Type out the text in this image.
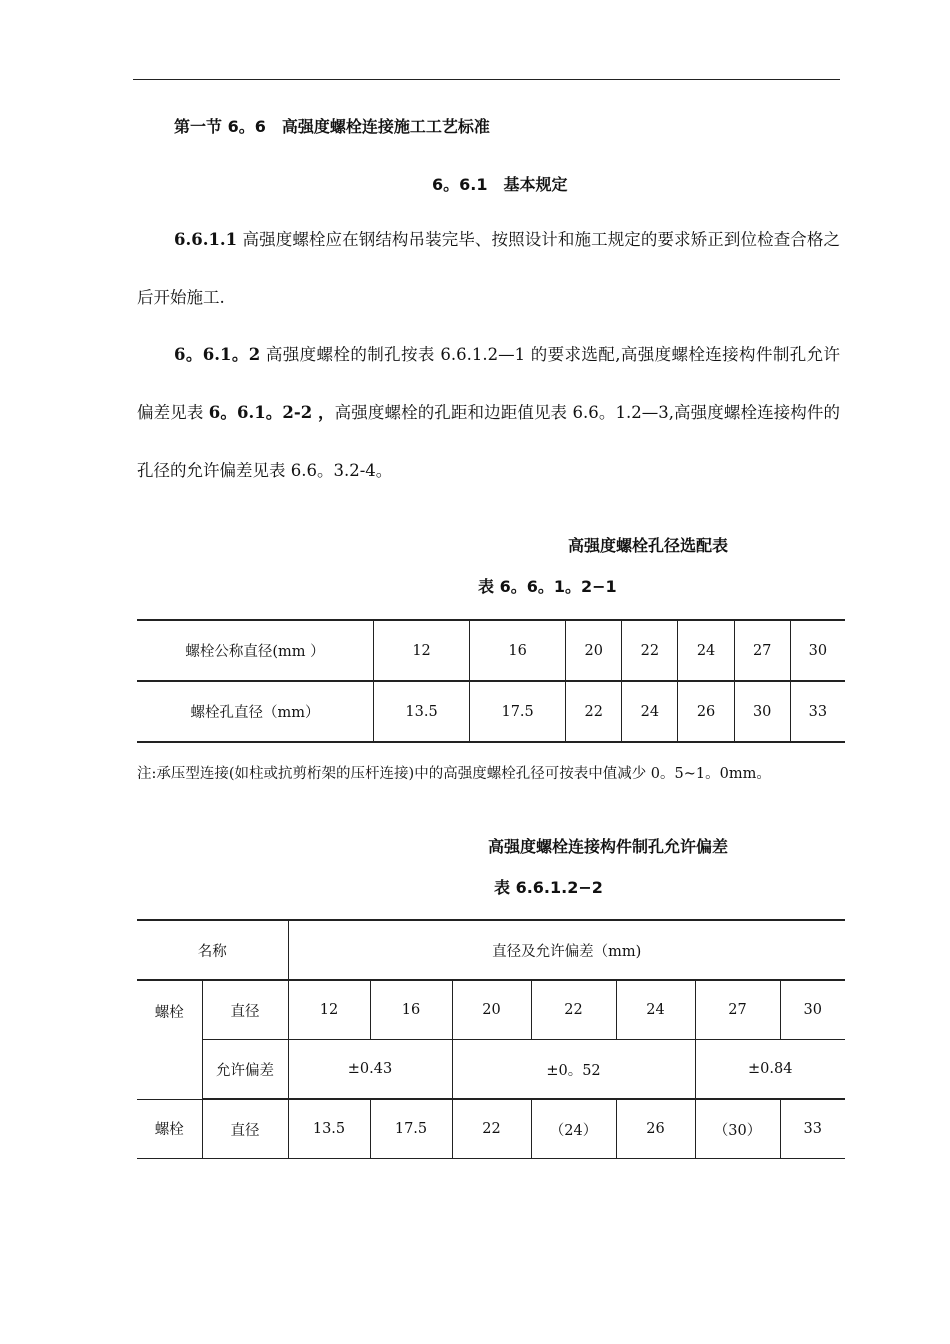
第一节 6。6　高强度螺栓连接施工工艺标准
6。6.1　基本规定
6.6.1.1 高强度螺栓应在钢结构吊装完毕、按照设计和施工规定的要求矫正到位检查合格之后开始施工.
6。6.1。2 高强度螺栓的制孔按表 6.6.1.2—1 的要求选配,高强度螺栓连接构件制孔允许偏差见表 6。6.1。2-2 ，高强度螺栓的孔距和边距值见表 6.6。1.2—3,高强度螺栓连接构件的孔径的允许偏差见表 6.6。3.2-4。
高强度螺栓孔径选配表
表 6。6。1。2−1
螺栓公称直径(mm ）	12	16	20	22	24	27	30
螺栓孔直径（mm）	13.5	17.5	22	24	26	30	33
注:承压型连接(如柱或抗剪桁架的压杆连接)中的高强度螺栓孔径可按表中值减少 0。5~1。0mm。
高强度螺栓连接构件制孔允许偏差
表 6.6.1.2−2
名称		直径及允许偏差（mm)						
螺栓	直径	12	16	20	22	24	27	30
	允许偏差	±0.43		±0。52			±0.84	
螺栓	直径	13.5	17.5	22	（24）	26	（30）	33
